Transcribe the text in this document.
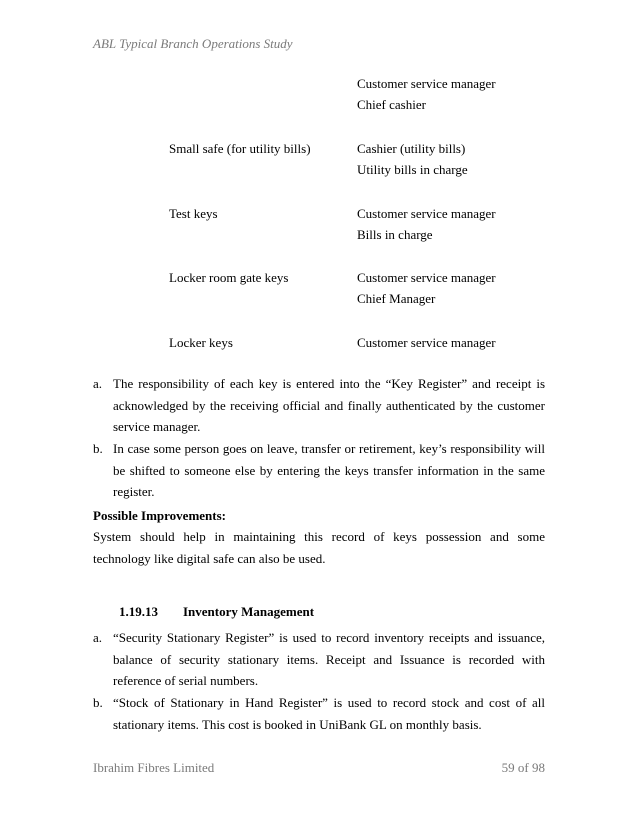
ABL Typical Branch Operations Study
Customer service manager
Chief cashier
Small safe (for utility bills)	Cashier (utility bills)
Utility bills in charge
Test keys	Customer service manager
Bills in charge
Locker room gate keys	Customer service manager
Chief Manager
Locker keys	Customer service manager
a. The responsibility of each key is entered into the “Key Register” and receipt is acknowledged by the receiving official and finally authenticated by the customer service manager.
b. In case some person goes on leave, transfer or retirement, key’s responsibility will be shifted to someone else by entering the keys transfer information in the same register.
Possible Improvements:
System should help in maintaining this record of keys possession and some technology like digital safe can also be used.
1.19.13 Inventory Management
a. “Security Stationary Register” is used to record inventory receipts and issuance, balance of security stationary items. Receipt and Issuance is recorded with reference of serial numbers.
b. “Stock of Stationary in Hand Register” is used to record stock and cost of all stationary items. This cost is booked in UniBank GL on monthly basis.
Ibrahim Fibres Limited	59 of 98
